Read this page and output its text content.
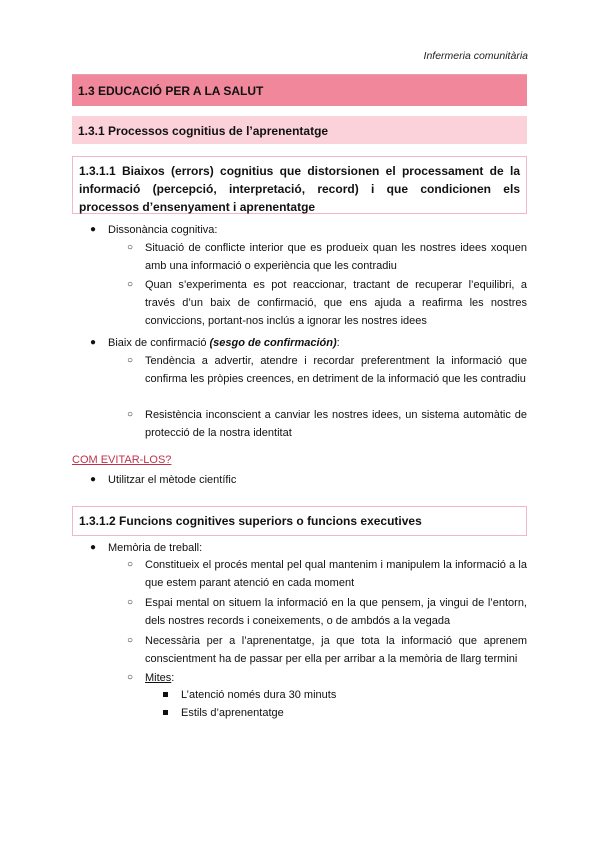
Infermeria comunitària
1.3 EDUCACIÓ PER A LA SALUT
1.3.1 Processos cognitius de l’aprenentatge
1.3.1.1 Biaixos (errors) cognitius que distorsionen el processament de la informació (percepció, interpretació, record) i que condicionen els processos d’ensenyament i aprenentatge
● Dissonància cognitiva:
○ Situació de conflicte interior que es produeix quan les nostres idees xoquen amb una informació o experiència que les contradiu
○ Quan s’experimenta es pot reaccionar, tractant de recuperar l’equilibri, a través d’un baix de confirmació, que ens ajuda a reafirma les nostres conviccions, portant-nos inclús a ignorar les nostres idees
● Biaix de confirmació (sesgo de confirmación):
○ Tendència a advertir, atendre i recordar preferentment la informació que confirma les pròpies creences, en detriment de la informació que les contradiu
○ Resistència inconscient a canviar les nostres idees, un sistema automàtic de protecció de la nostra identitat
COM EVITAR-LOS?
● Utilitzar el mètode científic
1.3.1.2 Funcions cognitives superiors o funcions executives
● Memòria de treball:
○ Constitueix el procés mental pel qual mantenim i manipulem la informació a la que estem parant atenció en cada moment
○ Espai mental on situem la informació en la que pensem, ja vingui de l’entorn, dels nostres records i coneixements, o de ambdós a la vegada
○ Necessària per a l’aprenentatge, ja que tota la informació que aprenem conscientment ha de passar per ella per arribar a la memòria de llarg termini
○ Mites:
L’atenció només dura 30 minuts
Estils d’aprenentatge
